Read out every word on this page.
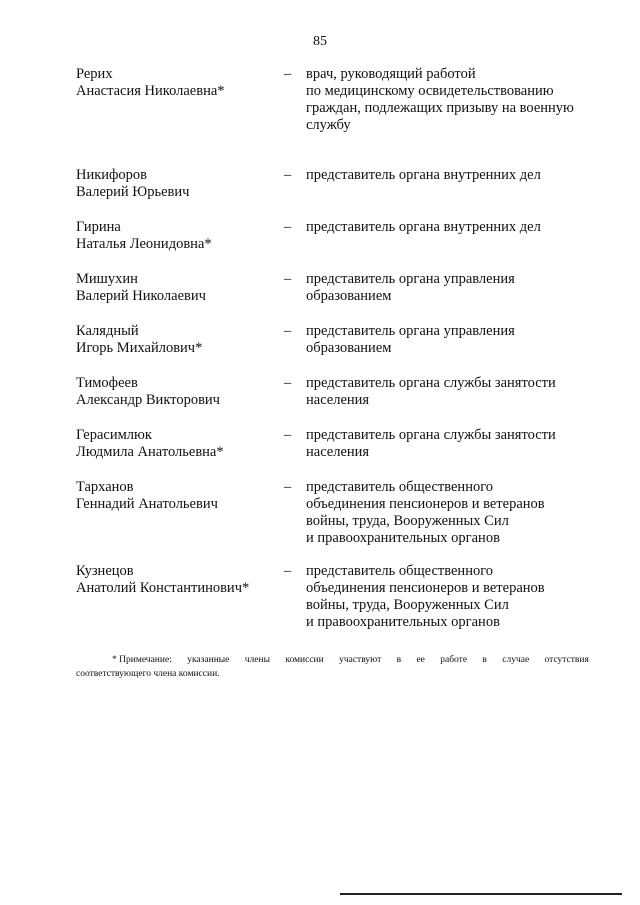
85
Рерих
Анастасия Николаевна*
–	врач, руководящий работой
по медицинскому освидетельствованию
граждан, подлежащих призыву на военную
службу
Никифоров
Валерий Юрьевич
–	представитель органа внутренних дел
Гирина
Наталья Леонидовна*
–	представитель органа внутренних дел
Мишухин
Валерий Николаевич
–	представитель органа управления
образованием
Калядный
Игорь Михайлович*
–	представитель органа управления
образованием
Тимофеев
Александр Викторович
–	представитель органа службы занятости
населения
Герасимлюк
Людмила Анатольевна*
–	представитель органа службы занятости
населения
Тарханов
Геннадий Анатольевич
–	представитель общественного
объединения пенсионеров и ветеранов
войны, труда, Вооруженных Сил
и правоохранительных органов
Кузнецов
Анатолий Константинович*
–	представитель общественного
объединения пенсионеров и ветеранов
войны, труда, Вооруженных Сил
и правоохранительных органов
* Примечание: указанные члены комиссии участвуют в ее работе в случае отсутствия
соответствующего члена комиссии.
